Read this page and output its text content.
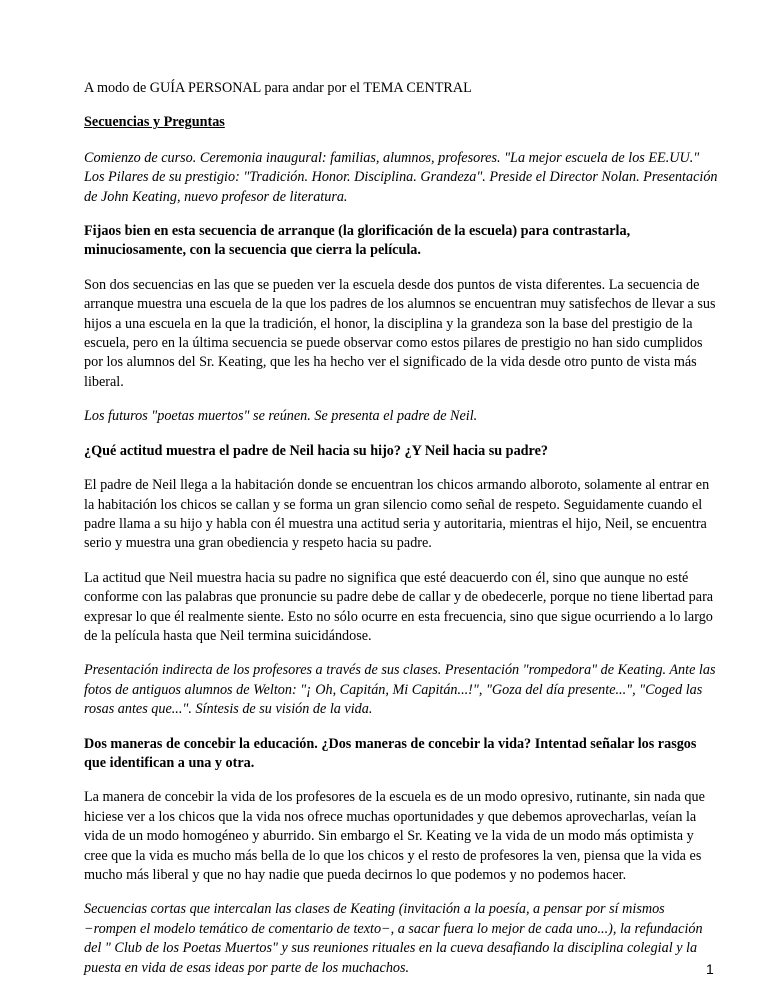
A modo de GUÍA PERSONAL para andar por el TEMA CENTRAL

Secuencias y Preguntas

Comienzo de curso. Ceremonia inaugural: familias, alumnos, profesores. "La mejor escuela de los EE.UU." Los Pilares de su prestigio: "Tradición. Honor. Disciplina. Grandeza". Preside el Director Nolan. Presentación de John Keating, nuevo profesor de literatura.

Fijaos bien en esta secuencia de arranque (la glorificación de la escuela) para contrastarla, minuciosamente, con la secuencia que cierra la película.

Son dos secuencias en las que se pueden ver la escuela desde dos puntos de vista diferentes. La secuencia de arranque muestra una escuela de la que los padres de los alumnos se encuentran muy satisfechos de llevar a sus hijos a una escuela en la que la tradición, el honor, la disciplina y la grandeza son la base del prestigio de la escuela, pero en la última secuencia se puede observar como estos pilares de prestigio no han sido cumplidos por los alumnos del Sr. Keating, que les ha hecho ver el significado de la vida desde otro punto de vista más liberal.

Los futuros "poetas muertos" se reúnen. Se presenta el padre de Neil.

¿Qué actitud muestra el padre de Neil hacia su hijo? ¿Y Neil hacia su padre?

El padre de Neil llega a la habitación donde se encuentran los chicos armando alboroto, solamente al entrar en la habitación los chicos se callan y se forma un gran silencio como señal de respeto. Seguidamente cuando el padre llama a su hijo y habla con él muestra una actitud seria y autoritaria, mientras el hijo, Neil, se encuentra serio y muestra una gran obediencia y respeto hacia su padre.

La actitud que Neil muestra hacia su padre no significa que esté deacuerdo con él, sino que aunque no esté conforme con las palabras que pronuncie su padre debe de callar y de obedecerle, porque no tiene libertad para expresar lo que él realmente siente. Esto no sólo ocurre en esta frecuencia, sino que sigue ocurriendo a lo largo de la película hasta que Neil termina suicidándose.

Presentación indirecta de los profesores a través de sus clases. Presentación "rompedora" de Keating. Ante las fotos de antiguos alumnos de Welton: "¡ Oh, Capitán, Mi Capitán...!", "Goza del día presente...", "Coged las rosas antes que...". Síntesis de su visión de la vida.

Dos maneras de concebir la educación. ¿Dos maneras de concebir la vida? Intentad señalar los rasgos que identifican a una y otra.

La manera de concebir la vida de los profesores de la escuela es de un modo opresivo, rutinante, sin nada que hiciese ver a los chicos que la vida nos ofrece muchas oportunidades y que debemos aprovecharlas, veían la vida de un modo homogéneo y aburrido. Sin embargo el Sr. Keating ve la vida de un modo más optimista y cree que la vida es mucho más bella de lo que los chicos y el resto de profesores la ven, piensa que la vida es mucho más liberal y que no hay nadie que pueda decirnos lo que podemos y no podemos hacer.

Secuencias cortas que intercalan las clases de Keating (invitación a la poesía, a pensar por sí mismos −rompen el modelo temático de comentario de texto−, a sacar fuera lo mejor de cada uno...), la refundación del " Club de los Poetas Muertos" y sus reuniones rituales en la cueva desafiando la disciplina colegial y la puesta en vida de esas ideas por parte de los muchachos.	1
